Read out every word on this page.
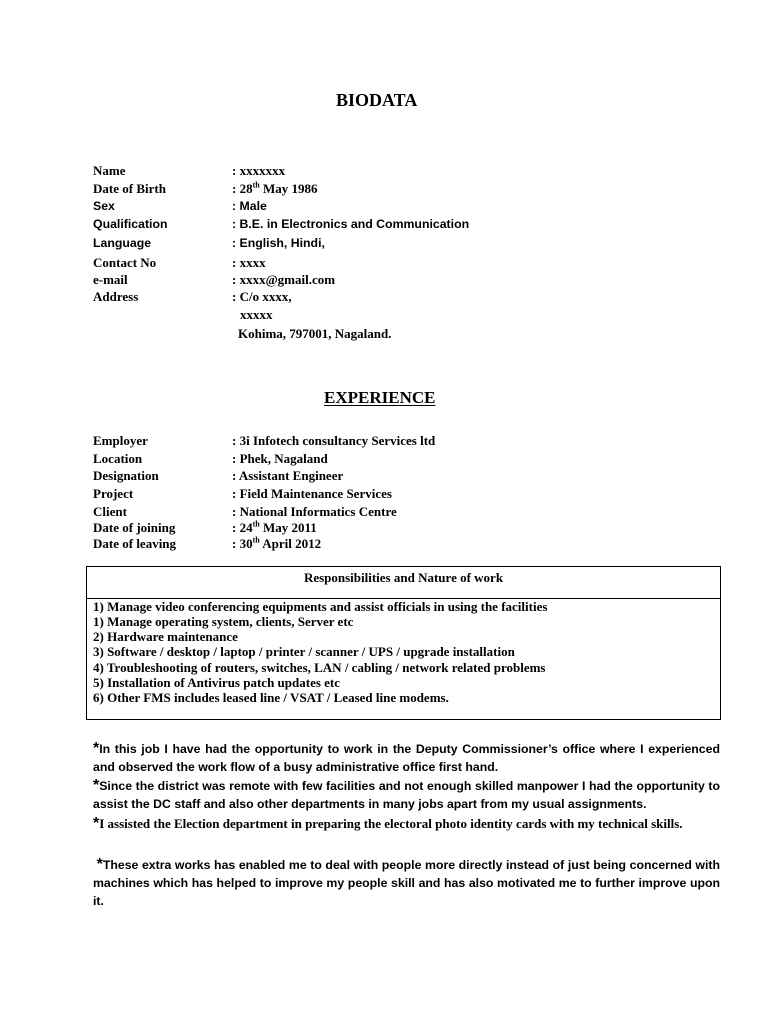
BIODATA
Name	: xxxxxxx
Date of Birth	: 28th May 1986
Sex	: Male
Qualification	: B.E. in Electronics and Communication
Language	: English, Hindi,
Contact No	: xxxx
e-mail	: xxxx@gmail.com
Address	: C/o xxxx,
xxxxx
Kohima, 797001, Nagaland.
EXPERIENCE
Employer	: 3i Infotech consultancy Services ltd
Location	: Phek, Nagaland
Designation	: Assistant Engineer
Project	: Field Maintenance Services
Client	: National Informatics Centre
Date of joining	: 24th May 2011
Date of leaving	: 30th April 2012
Responsibilities and Nature of work
1) Manage video conferencing equipments and assist officials in using the facilities
1) Manage operating system, clients, Server etc
2) Hardware maintenance
3) Software / desktop / laptop / printer / scanner / UPS / upgrade installation
4) Troubleshooting of routers, switches, LAN / cabling / network related problems
5) Installation of Antivirus patch updates etc
6) Other FMS includes leased line / VSAT / Leased line modems.
*In this job I have had the opportunity to work in the Deputy Commissioner’s office where I experienced and observed the work flow of a busy administrative office first hand.
*Since the district was remote with few facilities and not enough skilled manpower I had the opportunity to assist the DC staff and also other departments in many jobs apart from my usual assignments.
*I assisted the Election department in preparing the electoral photo identity cards with my technical skills.
*These extra works has enabled me to deal with people more directly instead of just being concerned with machines which has helped to improve my people skill and has also motivated me to further improve upon it.
